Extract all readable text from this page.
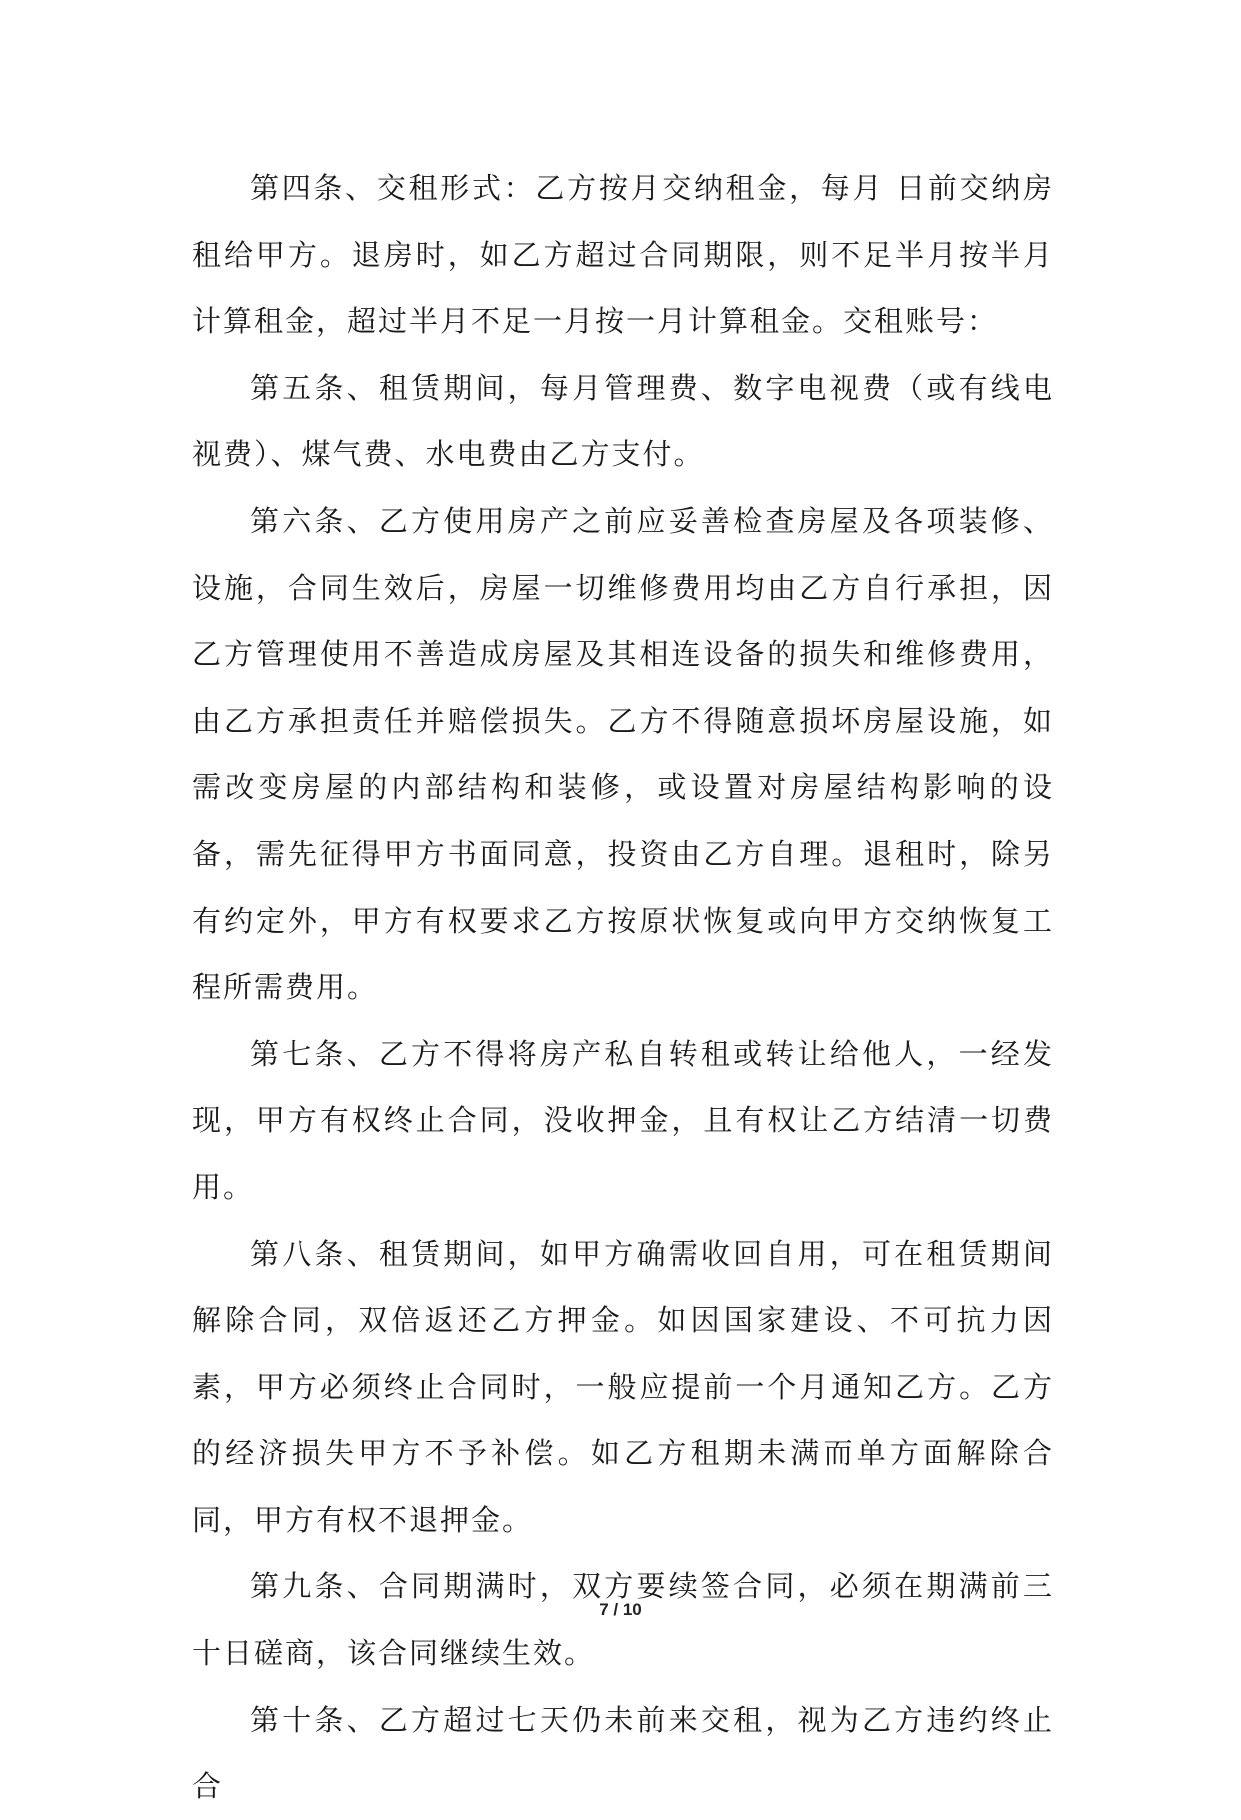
第四条、交租形式：乙方按月交纳租金，每月 日前交纳房租给甲方。退房时，如乙方超过合同期限，则不足半月按半月计算租金，超过半月不足一月按一月计算租金。交租账号：

第五条、租赁期间，每月管理费、数字电视费（或有线电视费）、煤气费、水电费由乙方支付。

第六条、乙方使用房产之前应妥善检查房屋及各项装修、设施，合同生效后，房屋一切维修费用均由乙方自行承担，因乙方管理使用不善造成房屋及其相连设备的损失和维修费用，由乙方承担责任并赔偿损失。乙方不得随意损坏房屋设施，如需改变房屋的内部结构和装修，或设置对房屋结构影响的设备，需先征得甲方书面同意，投资由乙方自理。退租时，除另有约定外，甲方有权要求乙方按原状恢复或向甲方交纳恢复工程所需费用。

第七条、乙方不得将房产私自转租或转让给他人，一经发现，甲方有权终止合同，没收押金，且有权让乙方结清一切费用。

第八条、租赁期间，如甲方确需收回自用，可在租赁期间解除合同，双倍返还乙方押金。如因国家建设、不可抗力因素，甲方必须终止合同时，一般应提前一个月通知乙方。乙方的经济损失甲方不予补偿。如乙方租期未满而单方面解除合同，甲方有权不退押金。

第九条、合同期满时，双方要续签合同，必须在期满前三十日磋商，该合同继续生效。

第十条、乙方超过七天仍未前来交租，视为乙方违约终止合

7 / 10
